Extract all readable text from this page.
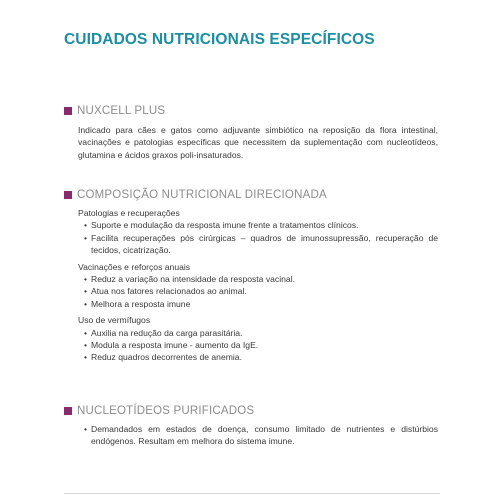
CUIDADOS NUTRICIONAIS ESPECÍFICOS
NUXCELL PLUS

Indicado para cães e gatos como adjuvante simbiótico na reposição da flora intestinal, vacinações e patologias específicas que necessitem da suplementação com nucleotídeos, glutamina e ácidos graxos poli-insaturados.

COMPOSIÇÃO NUTRICIONAL DIRECIONADA
Patologias e recuperações
• Suporte e modulação da resposta imune frente a tratamentos clínicos.
• Facilita recuperações pós cirúrgicas – quadros de imunossupressão, recuperação de tecidos, cicatrização.
Vacinações e reforços anuais
• Reduz a variação na intensidade da resposta vacinal.
• Atua nos fatores relacionados ao animal.
• Melhora a resposta imune
Uso de vermífugos
• Auxilia na redução da carga parasitária.
• Modula a resposta imune - aumento da IgE.
• Reduz quadros decorrentes de anemia.
NUCLEOTÍDEOS PURIFICADOS
• Demandados em estados de doença, consumo limitado de nutrientes e distúrbios endógenos. Resultam em melhora do sistema imune.
